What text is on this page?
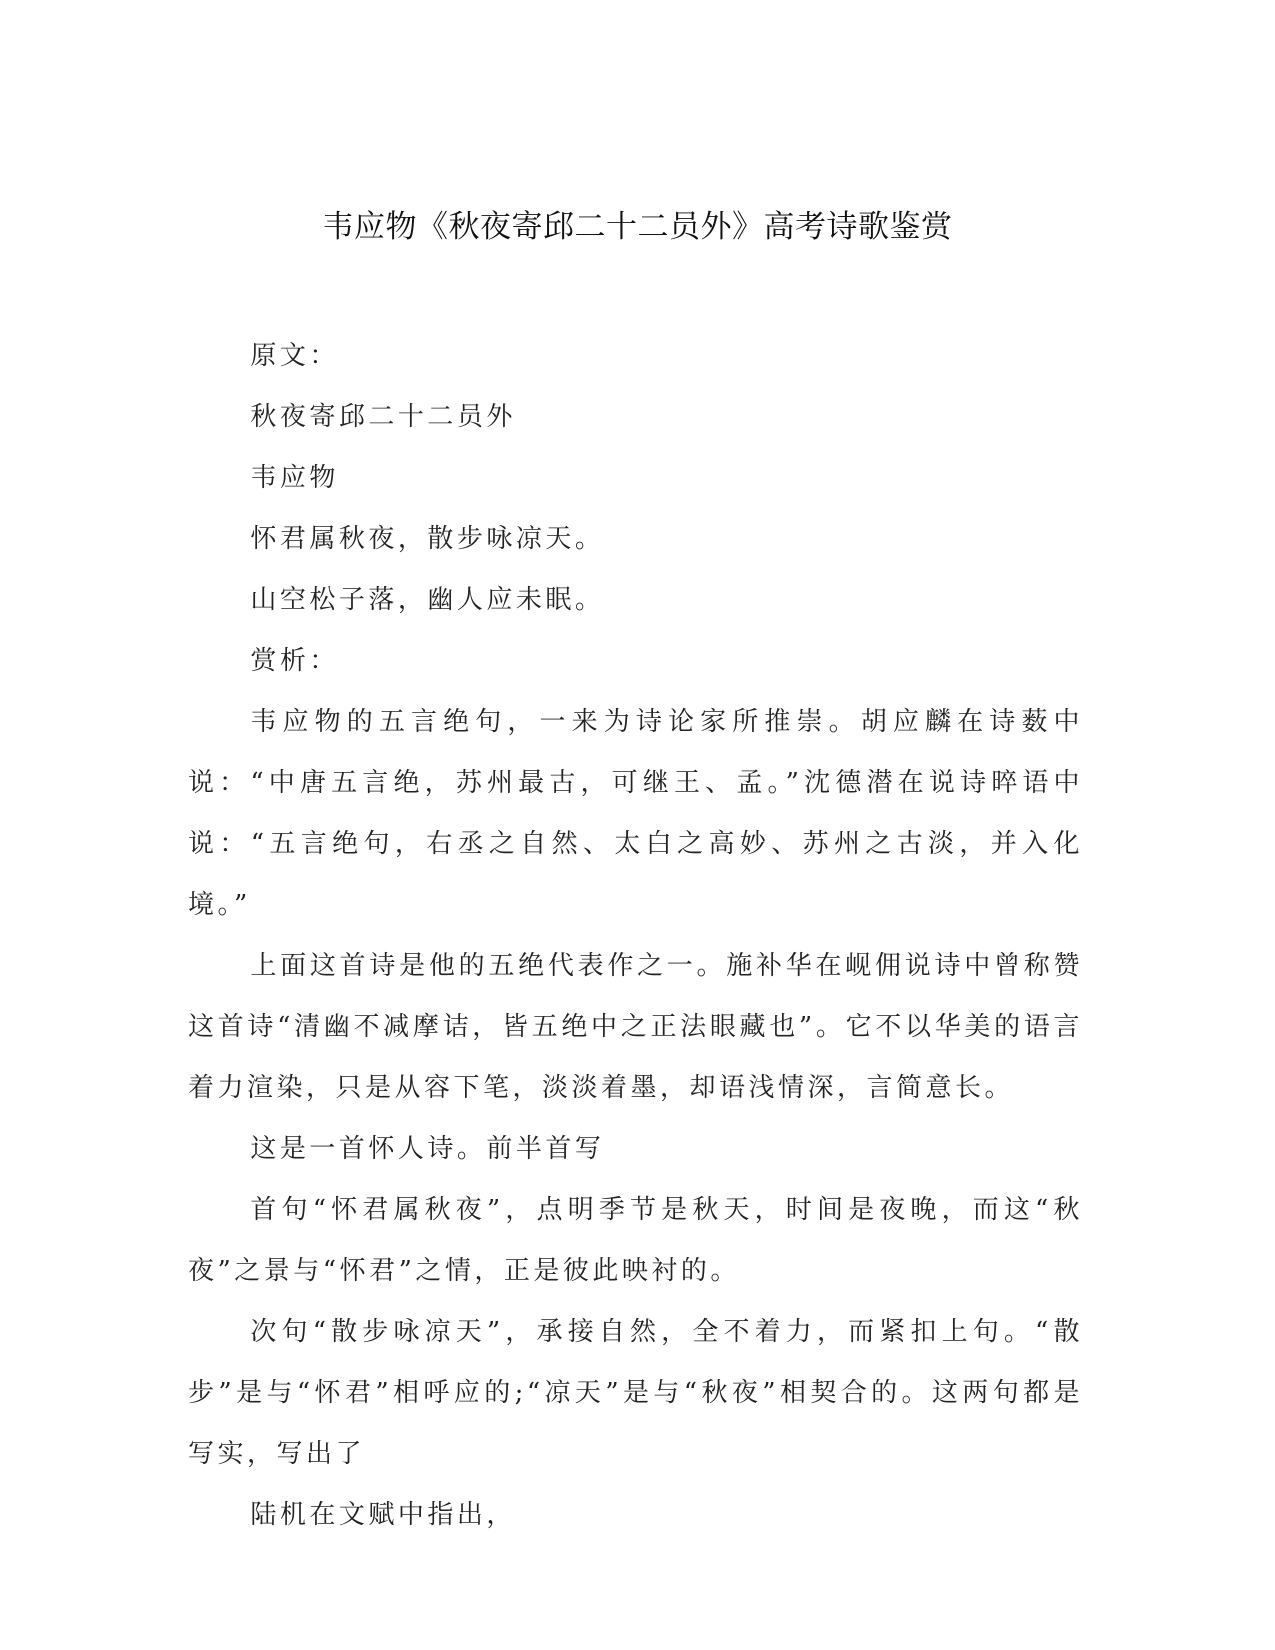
韦应物《秋夜寄邱二十二员外》高考诗歌鉴赏

原文：

秋夜寄邱二十二员外

韦应物

怀君属秋夜，散步咏凉天。

山空松子落，幽人应未眠。

赏析：

韦应物的五言绝句，一来为诗论家所推崇。胡应麟在诗薮中说：“中唐五言绝，苏州最古，可继王、孟。”沈德潜在说诗晬语中说：“五言绝句，右丞之自然、太白之高妙、苏州之古淡，并入化境。”

上面这首诗是他的五绝代表作之一。施补华在岘佣说诗中曾称赞这首诗“清幽不减摩诘，皆五绝中之正法眼藏也”。它不以华美的语言着力渲染，只是从容下笔，淡淡着墨，却语浅情深，言简意长。

这是一首怀人诗。前半首写

首句“怀君属秋夜”，点明季节是秋天，时间是夜晚，而这“秋夜”之景与“怀君”之情，正是彼此映衬的。

次句“散步咏凉天”，承接自然，全不着力，而紧扣上句。“散步”是与“怀君”相呼应的;“凉天”是与“秋夜”相契合的。这两句都是写实，写出了

陆机在文赋中指出，
